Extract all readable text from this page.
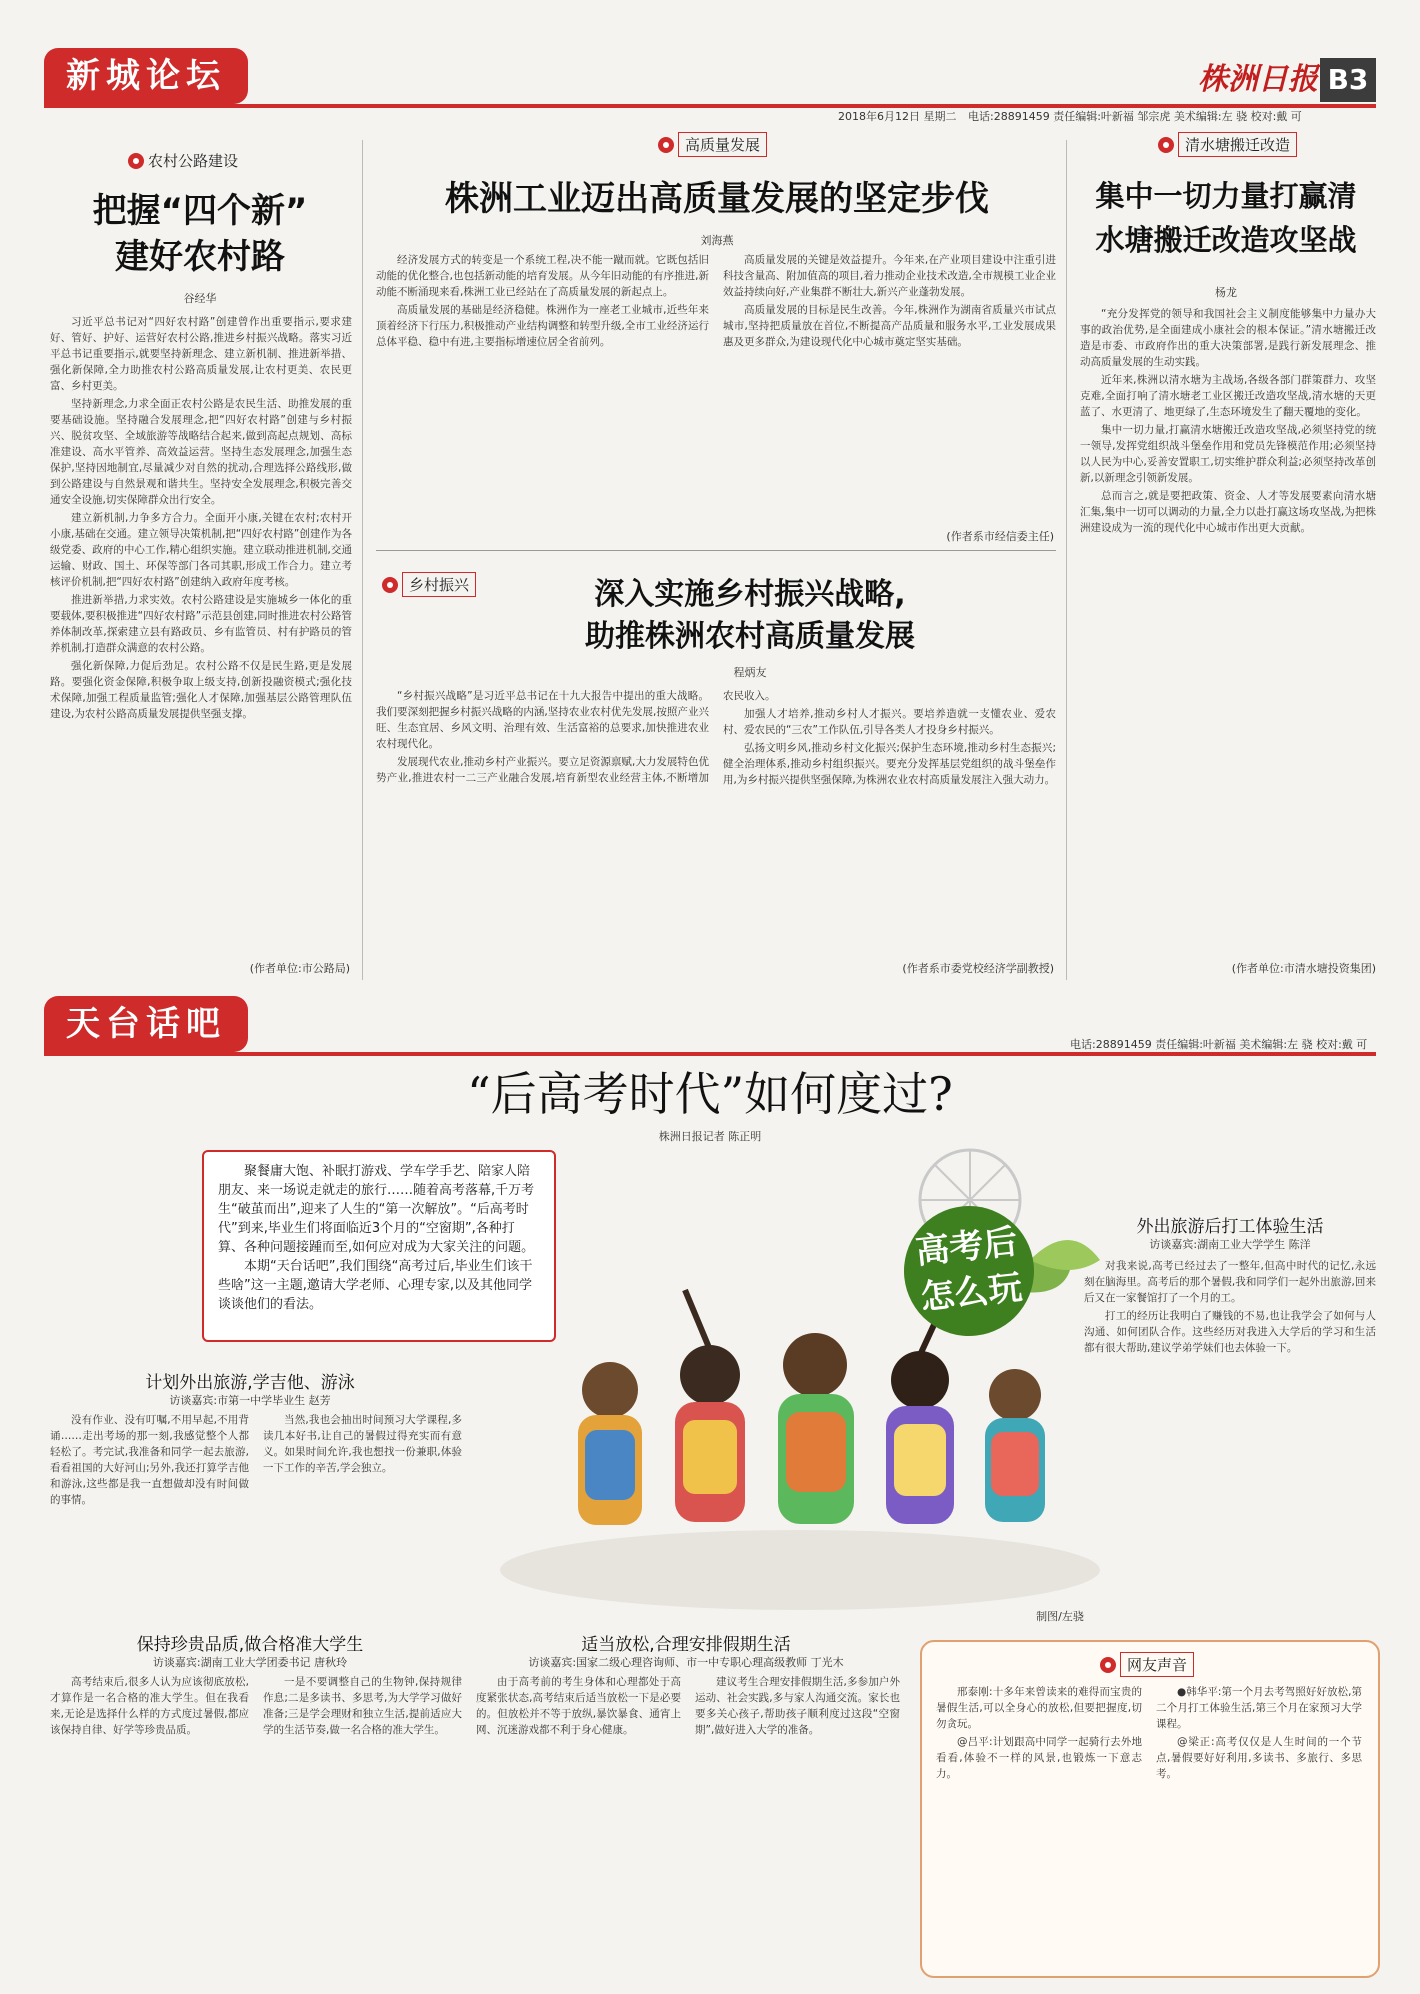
新城论坛	株洲日报 B3
2018年6月12日 星期二 电话:28891459 责任编辑:叶新福 邹宗虎 美术编辑:左 骁 校对:戴 可
农村公路建设
把握“四个新”
建好农村路
谷经华

习近平总书记对“四好农村路”创建曾作出重要指示,要求建好、管好、护好、运营好农村公路,推进乡村振兴战略。落实习近平总书记重要指示,就要坚持新理念、建立新机制、推进新举措、强化新保障,全力助推农村公路高质量发展,让农村更美、农民更富、乡村更美。

坚持新理念,力求全面正农村公路是农民生活、助推发展的重要基础设施。坚持融合发展理念,把“四好农村路”创建与乡村振兴、脱贫攻坚、全域旅游等战略结合起来,做到高起点规划、高标准建设、高水平管养、高效益运营。坚持生态发展理念,加强生态保护,坚持因地制宜,尽量减少对自然的扰动,合理选择公路线形,做到公路建设与自然景观和谐共生。坚持安全发展理念,积极完善交通安全设施,切实保障群众出行安全。

建立新机制,力争多方合力。全面开小康,关键在农村;农村开小康,基础在交通。建立领导决策机制,把“四好农村路”创建作为各级党委、政府的中心工作,精心组织实施。建立联动推进机制,交通运输、财政、国土、环保等部门各司其职,形成工作合力。建立考核评价机制,把“四好农村路”创建纳入政府年度考核。

推进新举措,力求实效。农村公路建设是实施城乡一体化的重要载体,要积极推进“四好农村路”示范县创建,同时推进农村公路管养体制改革,探索建立县有路政员、乡有监管员、村有护路员的管养机制,打造群众满意的农村公路。

强化新保障,力促后劲足。农村公路不仅是民生路,更是发展路。要强化资金保障,积极争取上级支持,创新投融资模式;强化技术保障,加强工程质量监管;强化人才保障,加强基层公路管理队伍建设,为农村公路高质量发展提供坚强支撑。

(作者单位:市公路局)
高质量发展
株洲工业迈出高质量发展的坚定步伐
刘海燕

经济发展方式的转变是一个系统工程,决不能一蹴而就。它既包括旧动能的优化整合,也包括新动能的培育发展。从今年旧动能的有序推进,新动能不断涌现来看,株洲工业已经站在了高质量发展的新起点上。

高质量发展的基础是经济稳健。株洲作为一座老工业城市,近些年来顶着经济下行压力,积极推动产业结构调整和转型升级,全市工业经济运行总体平稳、稳中有进,主要指标增速位居全省前列。

高质量发展的关键是效益提升。今年来,在产业项目建设中注重引进科技含量高、附加值高的项目,着力推动企业技术改造,全市规模工业企业效益持续向好,产业集群不断壮大,新兴产业蓬勃发展。

高质量发展的目标是民生改善。今年,株洲作为湖南省质量兴市试点城市,坚持把质量放在首位,不断提高产品质量和服务水平,工业发展成果惠及更多群众,为建设现代化中心城市奠定坚实基础。

(作者系市经信委主任)
乡村振兴	深入实施乡村振兴战略,
助推株洲农村高质量发展
程炳友

“乡村振兴战略”是习近平总书记在十九大报告中提出的重大战略。我们要深刻把握乡村振兴战略的内涵,坚持农业农村优先发展,按照产业兴旺、生态宜居、乡风文明、治理有效、生活富裕的总要求,加快推进农业农村现代化。

发展现代农业,推动乡村产业振兴。要立足资源禀赋,大力发展特色优势产业,推进农村一二三产业融合发展,培育新型农业经营主体,不断增加农民收入。

加强人才培养,推动乡村人才振兴。要培养造就一支懂农业、爱农村、爱农民的“三农”工作队伍,引导各类人才投身乡村振兴。

弘扬文明乡风,推动乡村文化振兴;保护生态环境,推动乡村生态振兴;健全治理体系,推动乡村组织振兴。要充分发挥基层党组织的战斗堡垒作用,为乡村振兴提供坚强保障,为株洲农业农村高质量发展注入强大动力。

(作者系市委党校经济学副教授)
清水塘搬迁改造
集中一切力量打赢清
水塘搬迁改造攻坚战
杨龙

“充分发挥党的领导和我国社会主义制度能够集中力量办大事的政治优势,是全面建成小康社会的根本保证。”清水塘搬迁改造是市委、市政府作出的重大决策部署,是践行新发展理念、推动高质量发展的生动实践。

近年来,株洲以清水塘为主战场,各级各部门群策群力、攻坚克难,全面打响了清水塘老工业区搬迁改造攻坚战,清水塘的天更蓝了、水更清了、地更绿了,生态环境发生了翻天覆地的变化。

集中一切力量,打赢清水塘搬迁改造攻坚战,必须坚持党的统一领导,发挥党组织战斗堡垒作用和党员先锋模范作用;必须坚持以人民为中心,妥善安置职工,切实维护群众利益;必须坚持改革创新,以新理念引领新发展。

总而言之,就是要把政策、资金、人才等发展要素向清水塘汇集,集中一切可以调动的力量,全力以赴打赢这场攻坚战,为把株洲建设成为一流的现代化中心城市作出更大贡献。

(作者单位:市清水塘投资集团)
天台话吧
电话:28891459 责任编辑:叶新福 美术编辑:左 骁 校对:戴 可
“后高考时代”如何度过?
株洲日报记者 陈正明
聚餐庸大饱、补眠打游戏、学车学手艺、陪家人陪朋友、来一场说走就走的旅行……随着高考落幕,千万考生“破茧而出”,迎来了人生的“第一次解放”。“后高考时代”到来,毕业生们将面临近3个月的“空窗期”,各种打算、各种问题接踵而至,如何应对成为大家关注的问题。
本期“天台话吧”,我们围绕“高考过后,毕业生们该干些啥”这一主题,邀请大学老师、心理专家,以及其他同学谈谈他们的看法。
高考后
怎么玩
制图/左骁
计划外出旅游,学吉他、游泳
访谈嘉宾:市第一中学毕业生 赵芳

没有作业、没有叮嘱,不用早起,不用背诵……走出考场的那一刻,我感觉整个人都轻松了。考完试,我准备和同学一起去旅游,看看祖国的大好河山;另外,我还打算学吉他和游泳,这些都是我一直想做却没有时间做的事情。

当然,我也会抽出时间预习大学课程,多读几本好书,让自己的暑假过得充实而有意义。如果时间允许,我也想找一份兼职,体验一下工作的辛苦,学会独立。

保持珍贵品质,做合格准大学生
访谈嘉宾:湖南工业大学团委书记 唐秋玲

高考结束后,很多人认为应该彻底放松,才算作是一名合格的准大学生。但在我看来,无论是选择什么样的方式度过暑假,都应该保持自律、好学等珍贵品质。

一是不要调整自己的生物钟,保持规律作息;二是多读书、多思考,为大学学习做好准备;三是学会理财和独立生活,提前适应大学的生活节奏,做一名合格的准大学生。

外出旅游后打工体验生活
访谈嘉宾:湖南工业大学学生 陈洋

对我来说,高考已经过去了一整年,但高中时代的记忆,永远刻在脑海里。高考后的那个暑假,我和同学们一起外出旅游,回来后又在一家餐馆打了一个月的工。

打工的经历让我明白了赚钱的不易,也让我学会了如何与人沟通、如何团队合作。这些经历对我进入大学后的学习和生活都有很大帮助,建议学弟学妹们也去体验一下。

适当放松,合理安排假期生活
访谈嘉宾:国家二级心理咨询师、市一中专职心理高级教师 丁光木

由于高考前的考生身体和心理都处于高度紧张状态,高考结束后适当放松一下是必要的。但放松并不等于放纵,暴饮暴食、通宵上网、沉迷游戏都不利于身心健康。

建议考生合理安排假期生活,多参加户外运动、社会实践,多与家人沟通交流。家长也要多关心孩子,帮助孩子顺利度过这段“空窗期”,做好进入大学的准备。

网友声音

邢泰刚:十多年来曾读来的难得而宝贵的暑假生活,可以全身心的放松,但要把握度,切勿贪玩。

@吕平:计划跟高中同学一起骑行去外地看看,体验不一样的风景,也锻炼一下意志力。

●韩华平:第一个月去考驾照好好放松,第二个月打工体验生活,第三个月在家预习大学课程。

@梁正:高考仅仅是人生时间的一个节点,暑假要好好利用,多读书、多旅行、多思考。
